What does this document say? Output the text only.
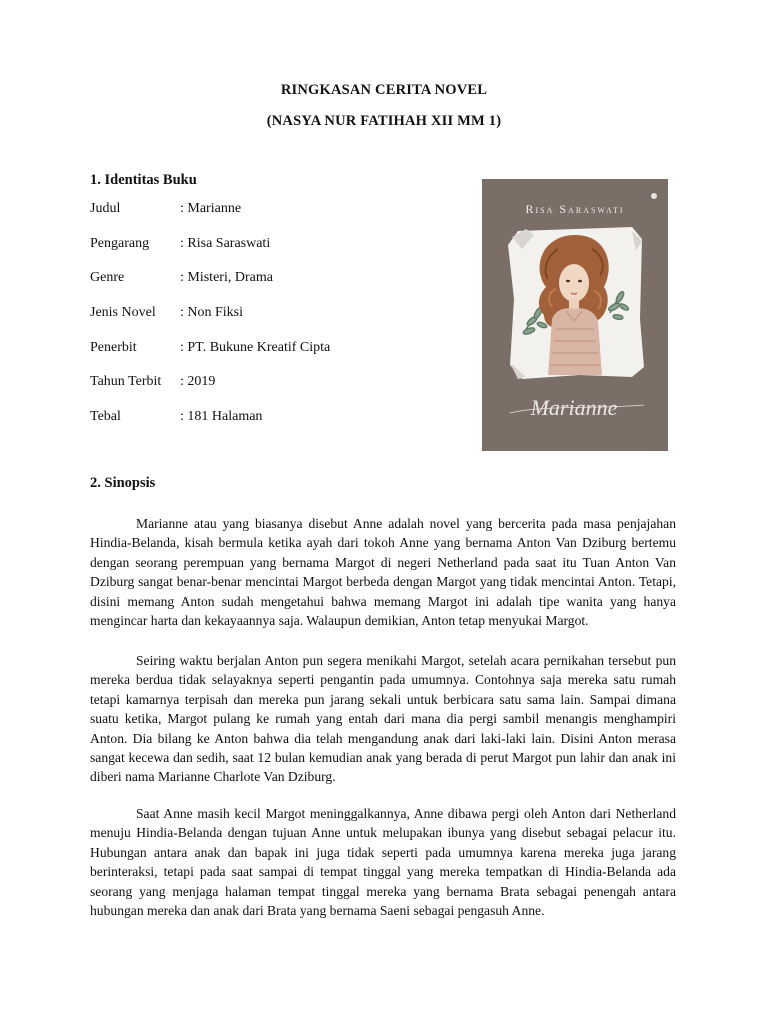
RINGKASAN CERITA NOVEL
(NASYA NUR FATIHAH XII MM 1)
1. Identitas Buku
Judul	: Marianne
Pengarang	: Risa Saraswati
Genre	: Misteri, Drama
Jenis Novel	: Non Fiksi
Penerbit	: PT. Bukune Kreatif Cipta
Tahun Terbit	: 2019
Tebal	: 181 Halaman
Risa Saraswati
Marianne
2. Sinopsis

Marianne atau yang biasanya disebut Anne adalah novel yang bercerita pada masa penjajahan Hindia-Belanda, kisah bermula ketika ayah dari tokoh Anne yang bernama Anton Van Dziburg bertemu dengan seorang perempuan yang bernama Margot di negeri Netherland pada saat itu Tuan Anton Van Dziburg sangat benar-benar mencintai Margot berbeda dengan Margot yang tidak mencintai Anton. Tetapi, disini memang Anton sudah mengetahui bahwa memang Margot ini adalah tipe wanita yang hanya mengincar harta dan kekayaannya saja. Walaupun demikian, Anton tetap menyukai Margot.

Seiring waktu berjalan Anton pun segera menikahi Margot, setelah acara pernikahan tersebut pun mereka berdua tidak selayaknya seperti pengantin pada umumnya. Contohnya saja mereka satu rumah tetapi kamarnya terpisah dan mereka pun jarang sekali untuk berbicara satu sama lain. Sampai dimana suatu ketika, Margot pulang ke rumah yang entah dari mana dia pergi sambil menangis menghampiri Anton. Dia bilang ke Anton bahwa dia telah mengandung anak dari laki-laki lain. Disini Anton merasa sangat kecewa dan sedih, saat 12 bulan kemudian anak yang berada di perut Margot pun lahir dan anak ini diberi nama Marianne Charlote Van Dziburg.

Saat Anne masih kecil Margot meninggalkannya, Anne dibawa pergi oleh Anton dari Netherland menuju Hindia-Belanda dengan tujuan Anne untuk melupakan ibunya yang disebut sebagai pelacur itu. Hubungan antara anak dan bapak ini juga tidak seperti pada umumnya karena mereka juga jarang berinteraksi, tetapi pada saat sampai di tempat tinggal yang mereka tempatkan di Hindia-Belanda ada seorang yang menjaga halaman tempat tinggal mereka yang bernama Brata sebagai penengah antara hubungan mereka dan anak dari Brata yang bernama Saeni sebagai pengasuh Anne.
